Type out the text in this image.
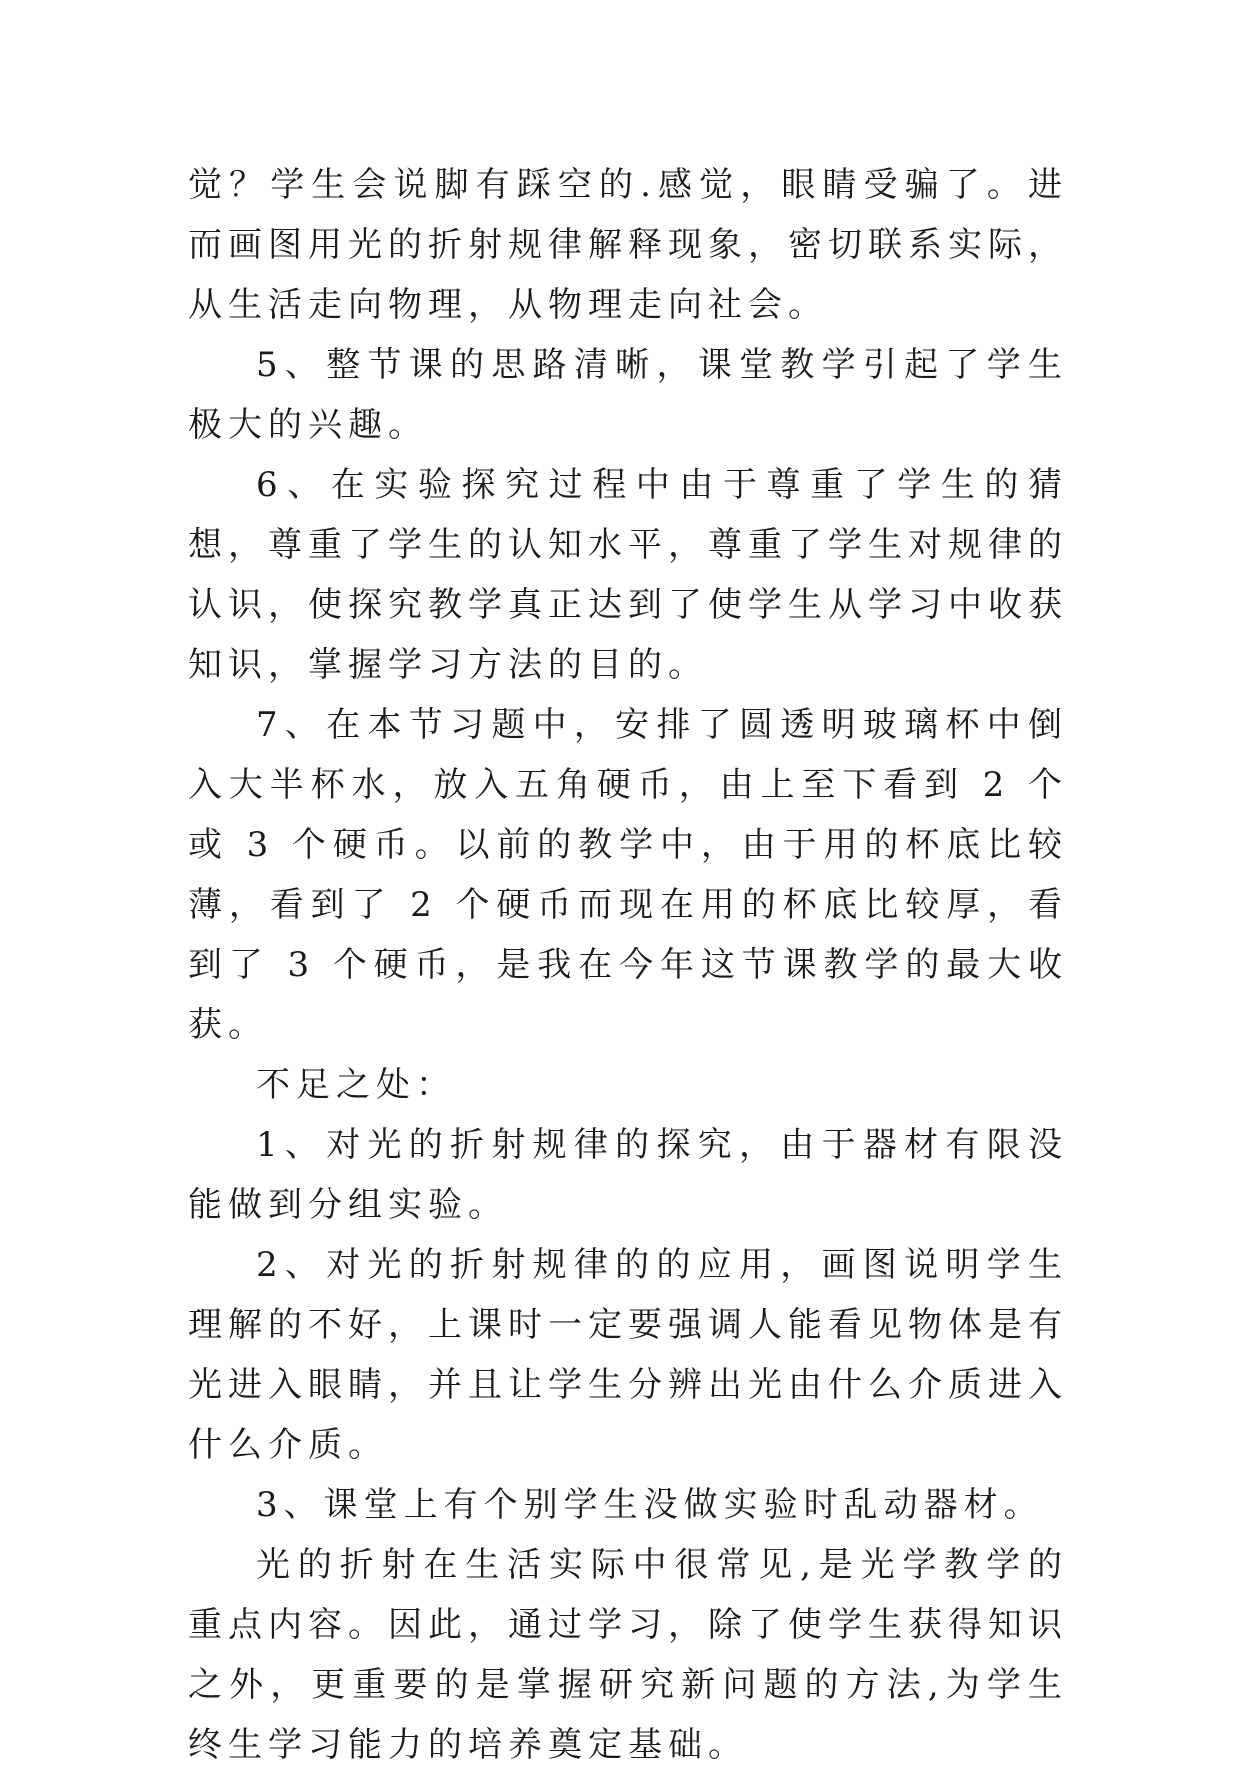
觉？学生会说脚有踩空的.感觉，眼睛受骗了。进而画图用光的折射规律解释现象，密切联系实际，从生活走向物理，从物理走向社会。

5、整节课的思路清晰，课堂教学引起了学生极大的兴趣。

6、在实验探究过程中由于尊重了学生的猜想，尊重了学生的认知水平，尊重了学生对规律的认识，使探究教学真正达到了使学生从学习中收获知识，掌握学习方法的目的。

7、在本节习题中，安排了圆透明玻璃杯中倒入大半杯水，放入五角硬币，由上至下看到 2 个或 3 个硬币。以前的教学中，由于用的杯底比较薄，看到了 2 个硬币而现在用的杯底比较厚，看到了 3 个硬币，是我在今年这节课教学的最大收获。

不足之处：

1、对光的折射规律的探究，由于器材有限没能做到分组实验。

2、对光的折射规律的的应用，画图说明学生理解的不好，上课时一定要强调人能看见物体是有光进入眼睛，并且让学生分辨出光由什么介质进入什么介质。

3、课堂上有个别学生没做实验时乱动器材。

光的折射在生活实际中很常见,是光学教学的重点内容。因此，通过学习，除了使学生获得知识之外，更重要的是掌握研究新问题的方法,为学生终生学习能力的培养奠定基础。
